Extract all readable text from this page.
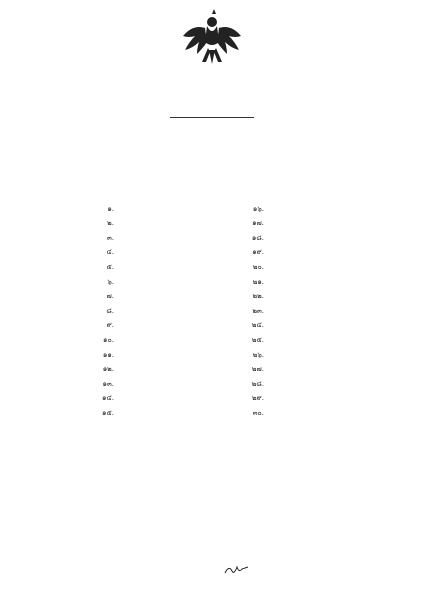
๑.
๒.
๓.
๔.
๕.
๖.
๗.
๘.
๙.
๑๐.
๑๑.
๑๒.
๑๓.
๑๔.
๑๕.
๑๖.
๑๗.
๑๘.
๑๙.
๒๐.
๒๑.
๒๒.
๒๓.
๒๔.
๒๕.
๒๖.
๒๗.
๒๘.
๒๙.
๓๐.
